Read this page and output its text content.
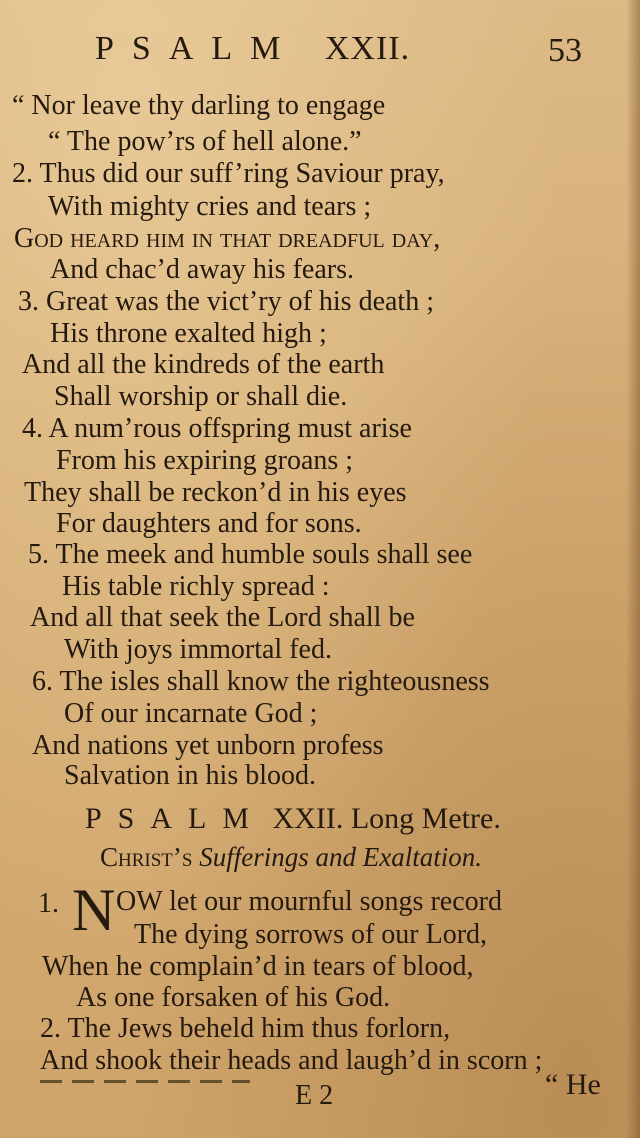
PSALM XXII.	53
“ Nor leave thy darling to engage
“ The pow’rs of hell alone.”
2. Thus did our suff’ring Saviour pray,
With mighty cries and tears ;
God heard him in that dreadful day,
And chac’d away his fears.
3. Great was the vict’ry of his death ;
His throne exalted high ;
And all the kindreds of the earth
Shall worship or shall die.
4. A num’rous offspring must arise
From his expiring groans ;
They shall be reckon’d in his eyes
For daughters and for sons.
5. The meek and humble souls shall see
His table richly spread :
And all that seek the Lord shall be
With joys immortal fed.
6. The isles shall know the righteousness
Of our incarnate God ;
And nations yet unborn profess
Salvation in his blood.
PSALM XXII. Long Metre.
Christ’s Sufferings and Exaltation.
1. N OW let our mournful songs record
The dying sorrows of our Lord,
When he complain’d in tears of blood,
As one forsaken of his God.
2. The Jews beheld him thus forlorn,
And shook their heads and laugh’d in scorn ;
E 2	“ He
